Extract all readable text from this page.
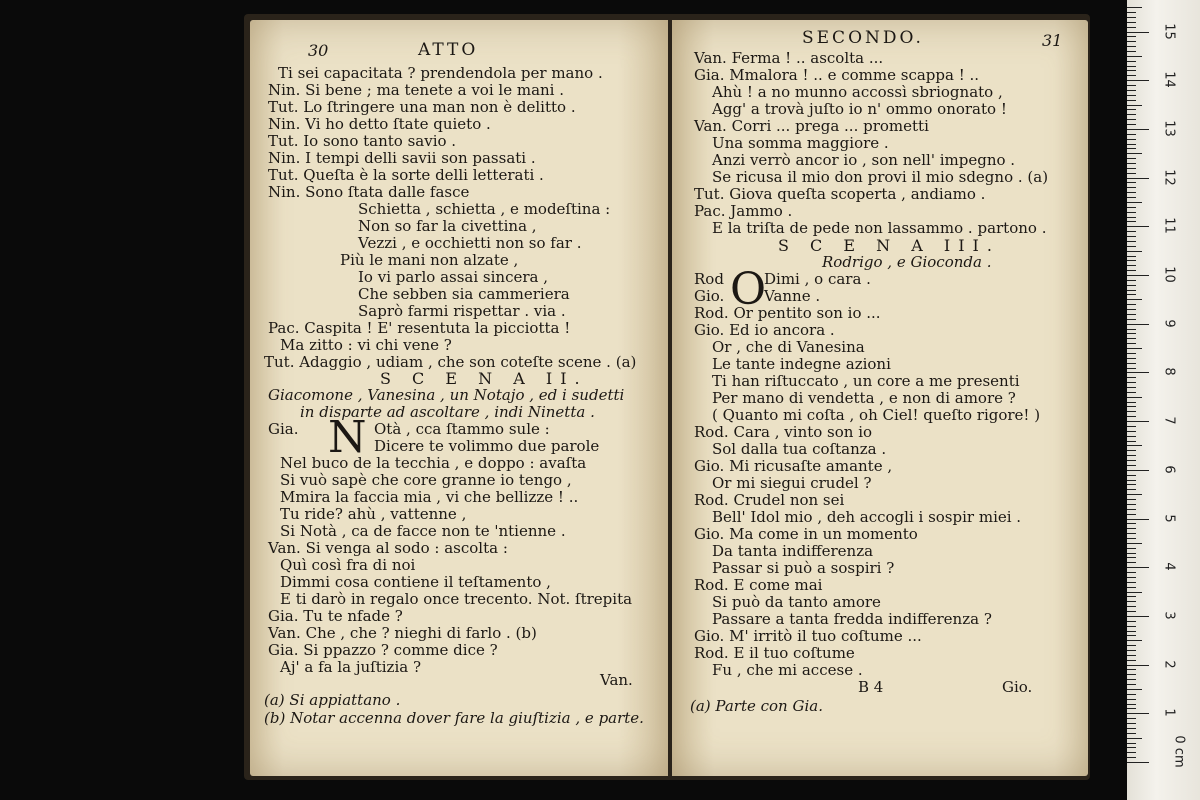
30	ATTO
Ti sei capacitata ? prendendola per mano .
Nin. Si bene ; ma tenete a voi le mani .
Tut. Lo ſtringere una man non è delitto .
Nin. Vi ho detto ſtate quieto .
Tut. Io sono tanto savio .
Nin. I tempi delli savii son passati .
Tut. Queſta è la sorte delli letterati .
Nin. Sono ſtata dalle fasce
Schietta , schietta , e modeſtina :
Non so far la civettina ,
Vezzi , e occhietti non so far .
Più le mani non alzate ,
Io vi parlo assai sincera ,
Che sebben sia cammeriera
Saprò farmi rispettar . via .
Pac. Caspita ! E' resentuta la picciotta !
Ma zitto : vi chi vene ?
Tut. Adaggio , udiam , che son coteſte scene . (a)
Giacomone , Vanesina , un Notajo , ed i sudetti
in disparte ad ascoltare , indi Ninetta .
Gia.	Otà , cca ſtammo sule :
Dicere te volimmo due parole
Nel buco de la tecchia , e doppo : avaſta
Si vuò sapè che core granne io tengo ,
Mmira la faccia mia , vi che bellizze ! ..
Tu ride? ahù , vattenne ,
Si Notà , ca de facce non te 'ntienne .
Van. Si venga al sodo : ascolta :
Quì così fra di noi
Dimmi cosa contiene il teſtamento ,
E ti darò in regalo once trecento. Not. ſtrepita
Gia. Tu te nfade ?
Van. Che , che ? nieghi di farlo . (b)
Gia. Si ppazzo ? comme dice ?
Aj' a fa la juſtizia ?
Van.
(a) Si appiattano .
(b) Notar accenna dover fare la giuſtizia , e parte.
S C E N A II.
N
SECONDO.	31
Van. Ferma ! .. ascolta ...
Gia. Mmalora ! .. e comme scappa ! ..
Ahù ! a no munno accossì sbriognato ,
Agg' a trovà juſto io n' ommo onorato !
Van. Corri ... prega ... prometti
Una somma maggiore .
Anzi verrò ancor io , son nell' impegno .
Se ricusa il mio don provi il mio sdegno . (a)
Tut. Giova queſta scoperta , andiamo .
Pac. Jammo .
E la triſta de pede non lassammo . partono .
Rodrigo , e Gioconda .
Rod	Dimi , o cara .
Gio.	Vanne .
Rod. Or pentito son io ...
Gio. Ed io ancora .
Or , che di Vanesina
Le tante indegne azioni
Ti han riſtuccato , un core a me presenti
Per mano di vendetta , e non di amore ?
( Quanto mi coſta , oh Ciel! queſto rigore! )
Rod. Cara , vinto son io
Sol dalla tua coſtanza .
Gio. Mi ricusaſte amante ,
Or mi siegui crudel ?
Rod. Crudel non sei
Bell' Idol mio , deh accogli i sospir miei .
Gio. Ma come in un momento
Da tanta indifferenza
Passar si può a sospiri ?
Rod. E come mai
Si può da tanto amore
Passare a tanta fredda indifferenza ?
Gio. M' irritò il tuo coſtume ...
Rod. E il tuo coſtume
Fu , che mi accese .
B 4	Gio.
(a) Parte con Gia.
S C E N A III.
O
0 cm
1
2
3
4
5
6
7
8
9
10
11
12
13
14
15
